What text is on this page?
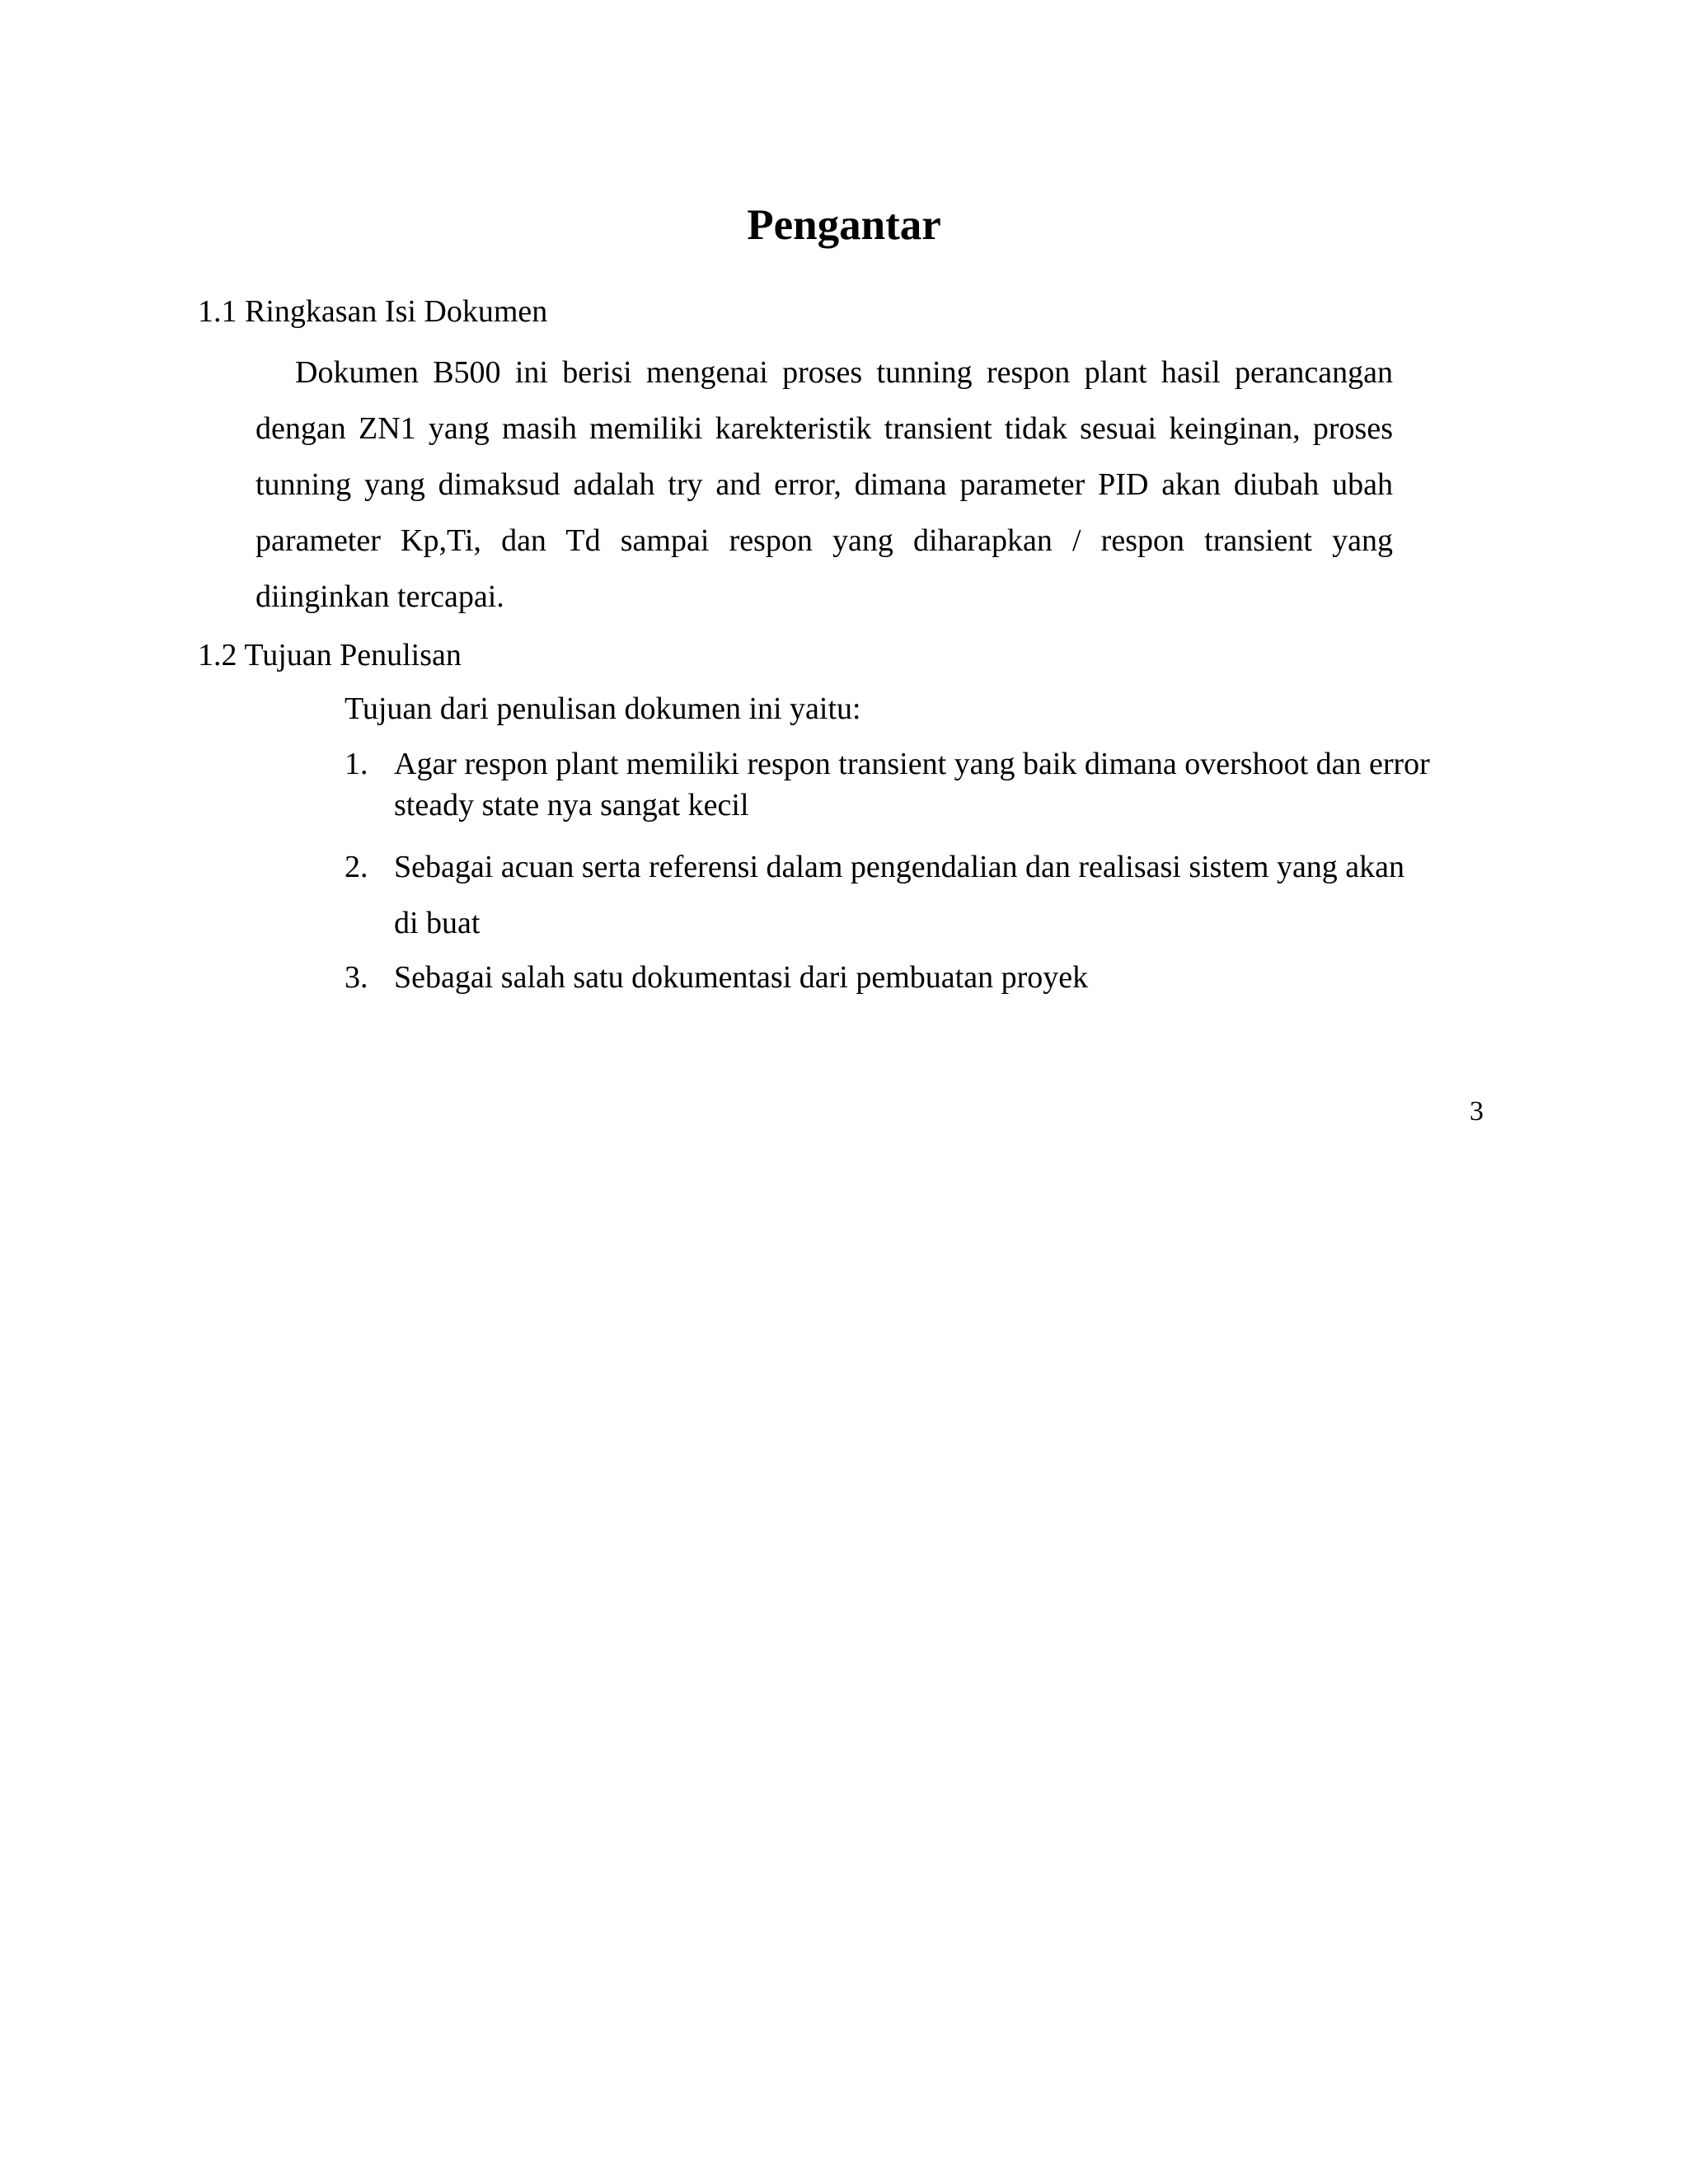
Pengantar
1.1 Ringkasan Isi Dokumen

Dokumen B500 ini berisi mengenai proses tunning respon plant hasil perancangan dengan ZN1 yang masih memiliki karekteristik transient tidak sesuai keinginan, proses tunning yang dimaksud adalah try and error, dimana parameter PID akan diubah ubah parameter Kp,Ti, dan Td sampai respon yang diharapkan / respon transient yang diinginkan tercapai.

1.2 Tujuan Penulisan
Tujuan dari penulisan dokumen ini yaitu:
1. Agar respon plant memiliki respon transient yang baik dimana overshoot dan error steady state nya sangat kecil
2. Sebagai acuan serta referensi dalam pengendalian dan realisasi sistem yang akan di buat
3. Sebagai salah satu dokumentasi dari pembuatan proyek
3
